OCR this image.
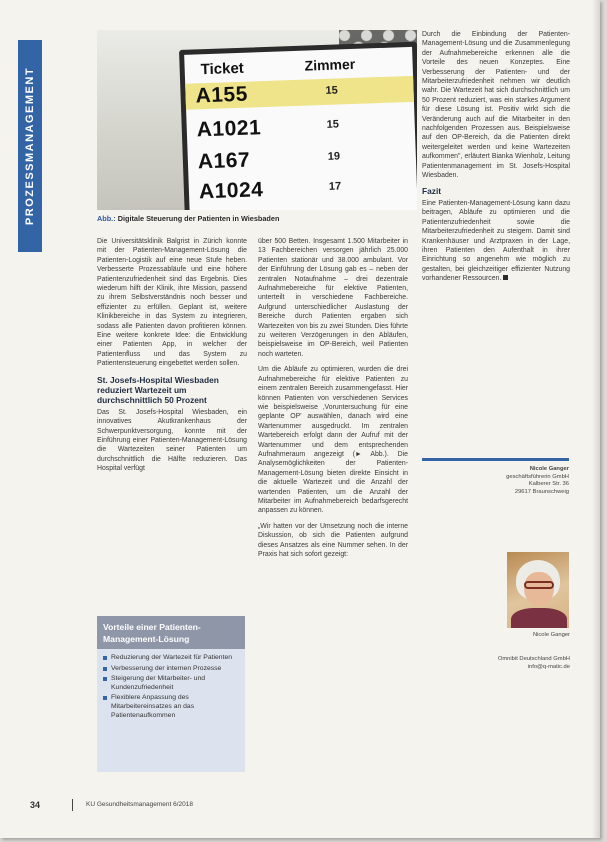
PROZESSMANAGEMENT	Ticket	Zimmer
A155	15
A1021	15
A167	19
A1024	17
Abb.: Digitale Steuerung der Patienten in Wiesbaden

Die Universitätsklinik Balgrist in Zürich konnte mit der Patienten-Management-Lösung die Patienten-Logistik auf eine neue Stufe heben. Verbesserte Prozessabläufe und eine höhere Patientenzufriedenheit sind das Ergebnis. Dies wiederum hilft der Klinik, ihre Mission, passend zu ihrem Selbstverständnis noch besser und effizienter zu erfüllen. Geplant ist, weitere Klinikbereiche in das System zu integrieren, sodass alle Patienten davon profitieren können. Eine weitere konkrete Idee: die Entwicklung einer Patienten App, in welcher der Patientenfluss und das System zu Patientensteuerung eingebettet werden sollen.

St. Josefs-Hospital Wiesbaden reduziert Wartezeit um durchschnittlich 50 Prozent

Das St. Josefs-Hospital Wiesbaden, ein innovatives Akutkrankenhaus der Schwerpunktversorgung, konnte mit der Einführung einer Patienten-Management-Lösung die Wartezeiten seiner Patienten um durchschnittlich die Hälfte reduzieren. Das Hospital verfügt

Vorteile einer Patienten-Management-Lösung
Reduzierung der Wartezeit für Patienten
Verbesserung der internen Prozesse
Steigerung der Mitarbeiter- und Kundenzufriedenheit
Flexiblere Anpassung des Mitarbeitereinsatzes an das Patientenaufkommen

über 500 Betten. Insgesamt 1.500 Mitarbeiter in 13 Fachbereichen versorgen jährlich 25.000 Patienten stationär und 38.000 ambulant. Vor der Einführung der Lösung gab es – neben der zentralen Notaufnahme – drei dezentrale Aufnahmebereiche für elektive Patienten, unterteilt in verschiedene Fachbereiche. Aufgrund unterschiedlicher Auslastung der Bereiche durch Patienten ergaben sich Wartezeiten von bis zu zwei Stunden. Dies führte zu weiteren Verzögerungen in den Abläufen, beispielsweise im OP-Bereich, weil Patienten noch warteten.

Um die Abläufe zu optimieren, wurden die drei Aufnahmebereiche für elektive Patienten zu einem zentralen Bereich zusammengefasst. Hier können Patienten von verschiedenen Services wie beispielsweise ‚Voruntersuchung für eine geplante OP' auswählen, danach wird eine Wartenummer ausgedruckt. Im zentralen Wartebereich erfolgt dann der Aufruf mit der Wartenummer und dem entsprechenden Aufnahmeraum angezeigt (► Abb.). Die Analysemöglichkeiten der Patienten-Management-Lösung bieten direkte Einsicht in die aktuelle Wartezeit und die Anzahl der wartenden Patienten, um die Anzahl der Mitarbeiter im Aufnahmebereich bedarfsgerecht anpassen zu können.

„Wir hatten vor der Umsetzung noch die interne Diskussion, ob sich die Patienten aufgrund dieses Ansatzes als eine Nummer sehen. In der Praxis hat sich sofort gezeigt:

Durch die Einbindung der Patienten-Management-Lösung und die Zusammenlegung der Aufnahmebereiche erkennen alle die Vorteile des neuen Konzeptes. Eine Verbesserung der Patienten- und der Mitarbeiterzufriedenheit nehmen wir deutlich wahr. Die Wartezeit hat sich durchschnittlich um 50 Prozent reduziert, was ein starkes Argument für diese Lösung ist. Positiv wirkt sich die Veränderung auch auf die Mitarbeiter in den nachfolgenden Prozessen aus. Beispielsweise auf den OP-Bereich, da die Patienten direkt weitergeleitet werden und keine Wartezeiten aufkommen", erläutert Bianka Wienholz, Leitung Patientenmanagement im St. Josefs-Hospital Wiesbaden.

Fazit

Eine Patienten-Management-Lösung kann dazu beitragen, Abläufe zu optimieren und die Patientenzufriedenheit sowie die Mitarbeiterzufriedenheit zu steigern. Damit sind Krankenhäuser und Arztpraxen in der Lage, ihren Patienten den Aufenthalt in ihrer Einrichtung so angenehm wie möglich zu gestalten, bei gleichzeitiger effizienter Nutzung vorhandener Ressourcen.

Nicole Ganger
geschäftsführerin GmbH
Kalberer Str. 36
29617 Braunschweig
Nicole Ganger
Omnibit Deutschland GmbH
info@q-matic.de
34	KU Gesundheitsmanagement 6/2018
